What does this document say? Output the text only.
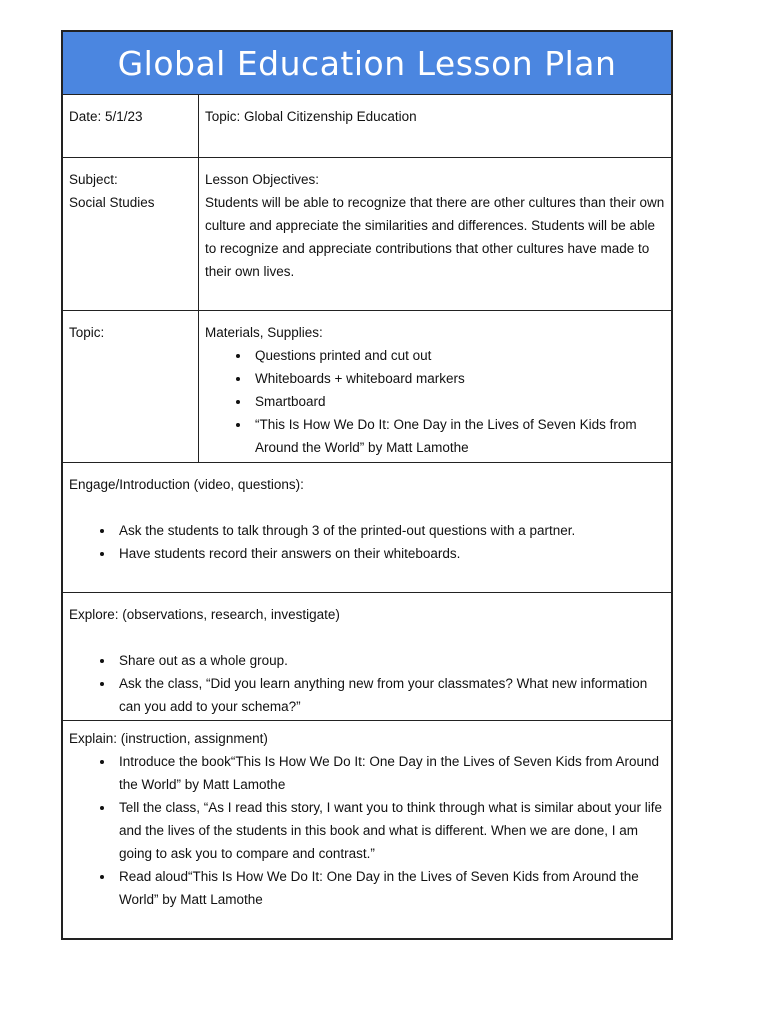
Global Education Lesson Plan
Date: 5/1/23	Topic: Global Citizenship Education
Subject:
Social Studies
Lesson Objectives:
Students will be able to recognize that there are other cultures than their own culture and appreciate the similarities and differences. Students will be able to recognize and appreciate contributions that other cultures have made to their own lives.
Topic:	Materials, Supplies:
• Questions printed and cut out
• Whiteboards + whiteboard markers
• Smartboard
• “This Is How We Do It: One Day in the Lives of Seven Kids from Around the World” by Matt Lamothe
Engage/Introduction (video, questions):
• Ask the students to talk through 3 of the printed-out questions with a partner.
• Have students record their answers on their whiteboards.
Explore: (observations, research, investigate)
• Share out as a whole group.
• Ask the class, “Did you learn anything new from your classmates? What new information can you add to your schema?”
Explain: (instruction, assignment)
• Introduce the book“This Is How We Do It: One Day in the Lives of Seven Kids from Around the World” by Matt Lamothe
• Tell the class, “As I read this story, I want you to think through what is similar about your life and the lives of the students in this book and what is different. When we are done, I am going to ask you to compare and contrast.”
• Read aloud“This Is How We Do It: One Day in the Lives of Seven Kids from Around the World” by Matt Lamothe
